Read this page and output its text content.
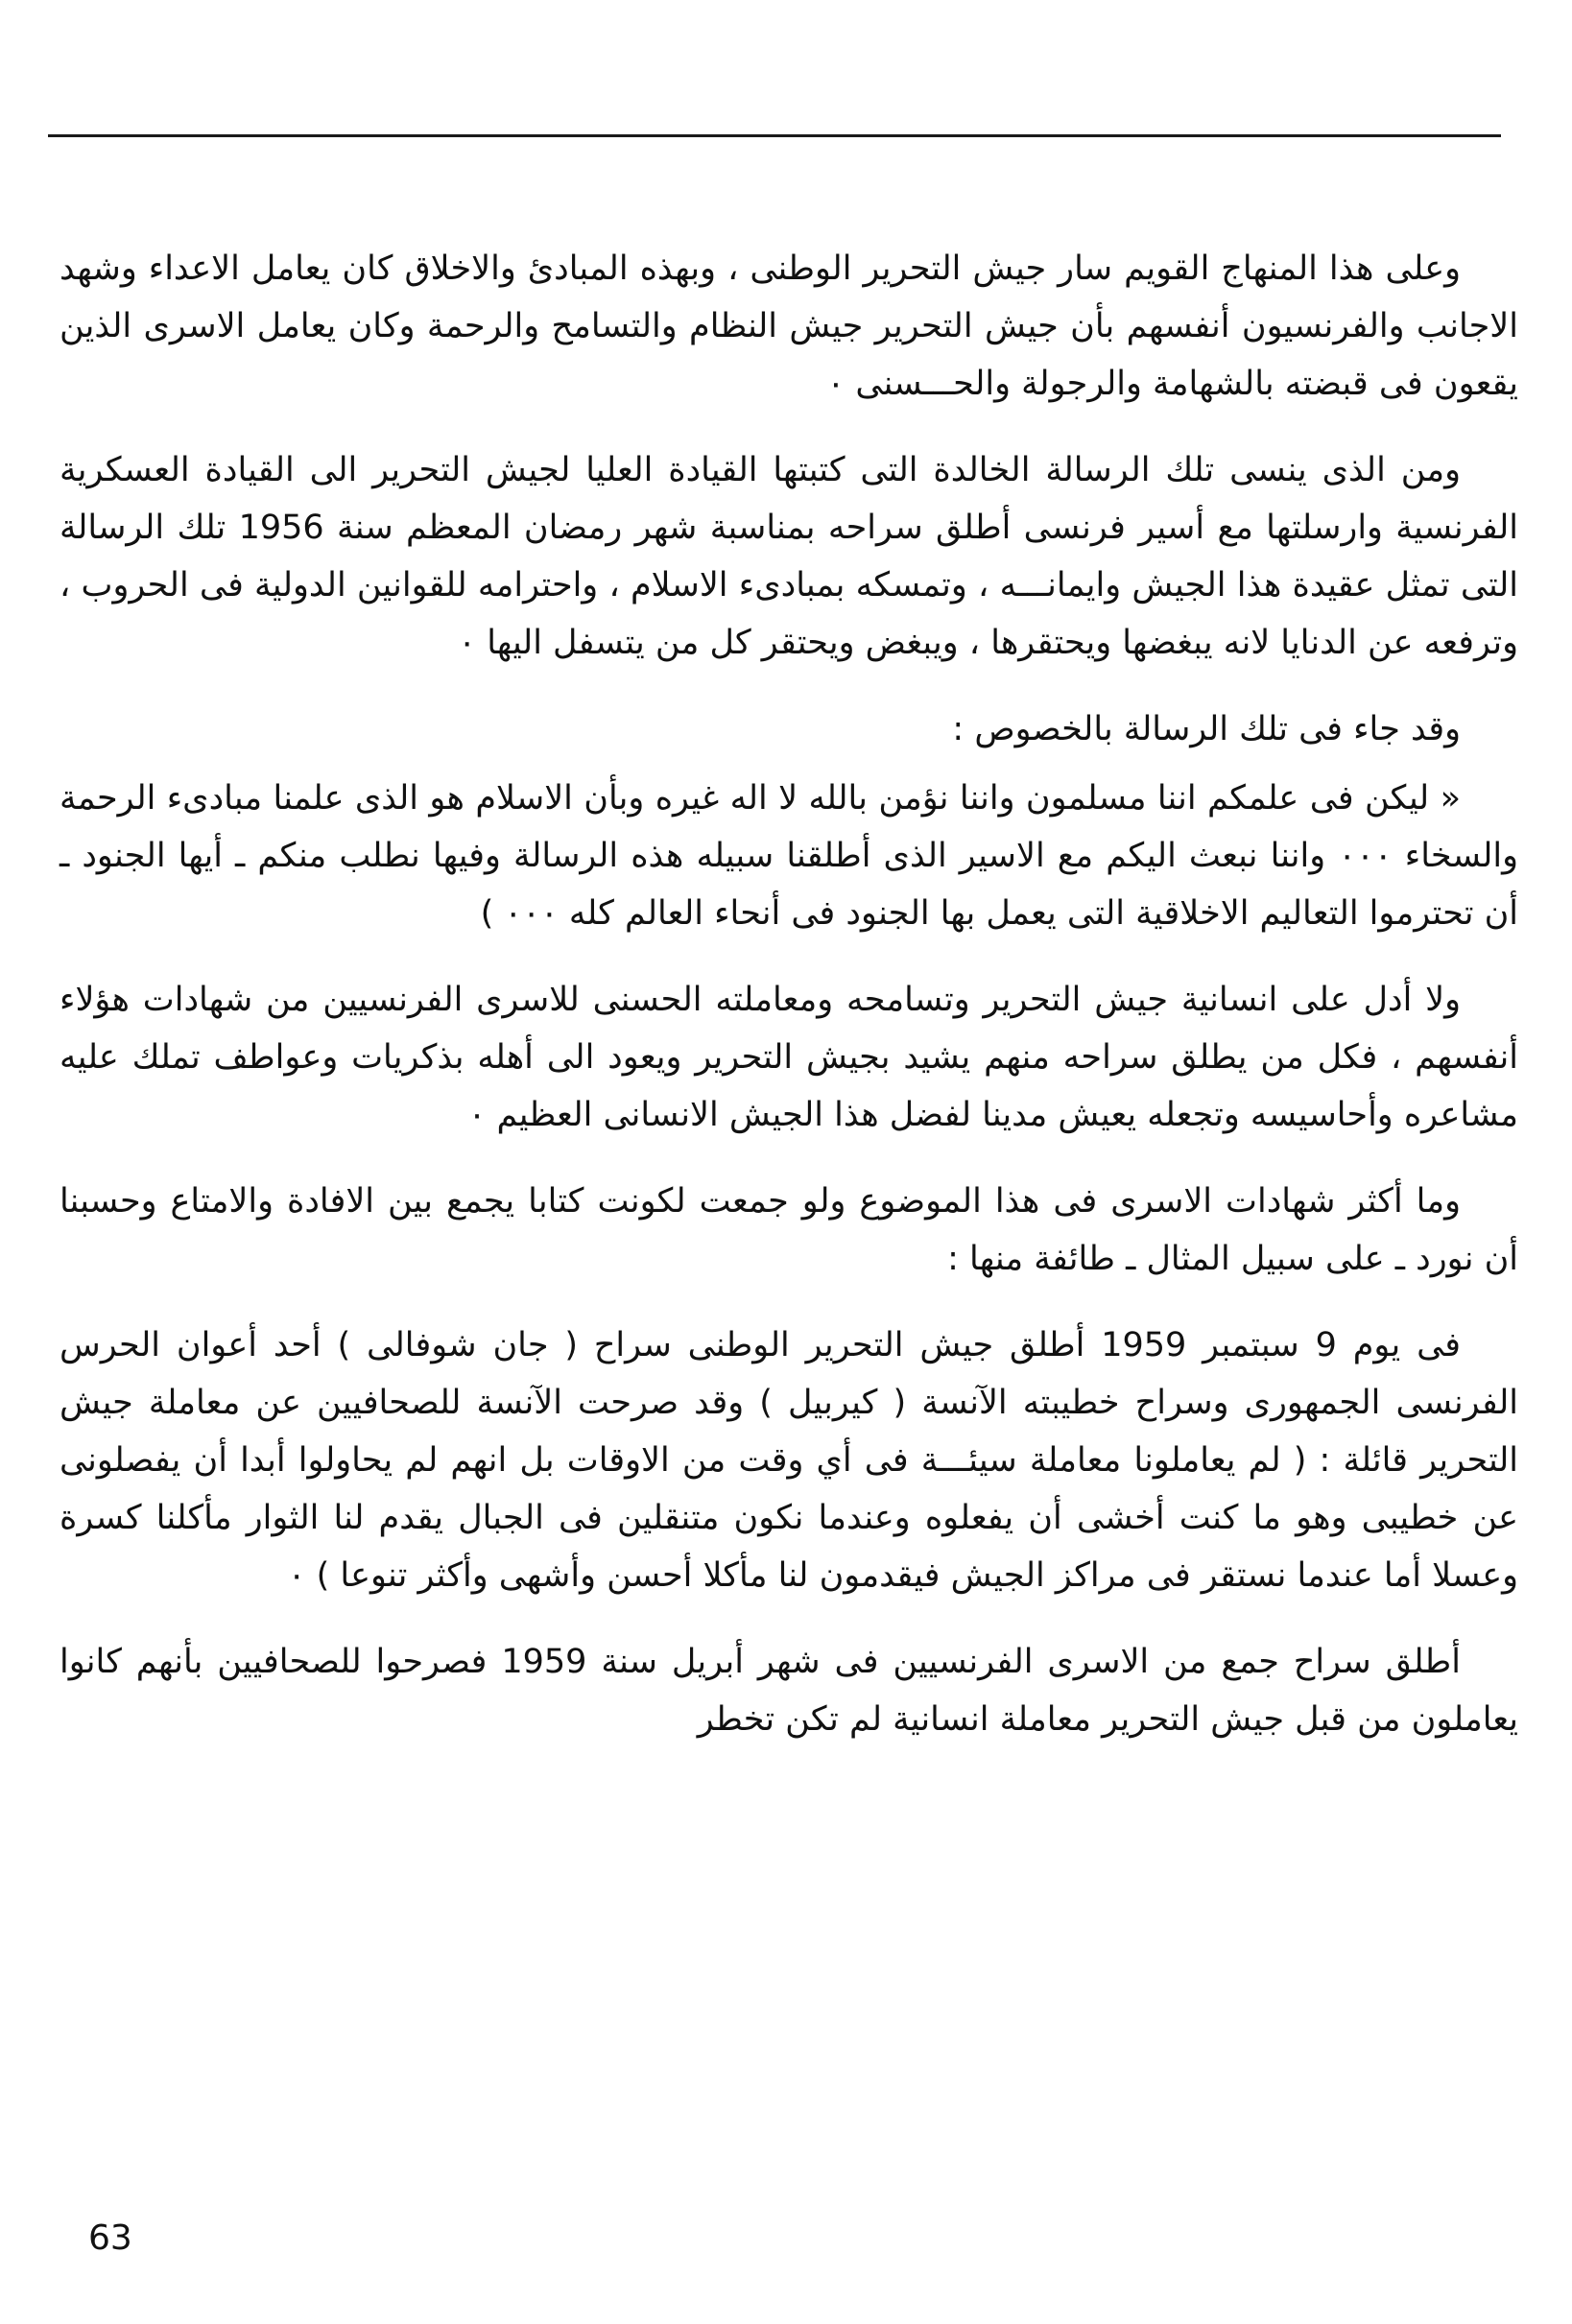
وعلى هذا المنهاج القويم سار جيش التحرير الوطنى ، وبهذه المبادئ والاخلاق كان يعامل الاعداء وشهد الاجانب والفرنسيون أنفسهم بأن جيش التحرير جيش النظام والتسامح والرحمة وكان يعامل الاسرى الذين يقعون فى قبضته بالشهامة والرجولة والحـــسنى ٠

ومن الذى ينسى تلك الرسالة الخالدة التى كتبتها القيادة العليا لجيش التحرير الى القيادة العسكرية الفرنسية وارسلتها مع أسير فرنسى أطلق سراحه بمناسبة شهر رمضان المعظم سنة 1956 تلك الرسالة التى تمثل عقيدة هذا الجيش وايمانـــه ، وتمسكه بمبادىء الاسلام ، واحترامه للقوانين الدولية فى الحروب ، وترفعه عن الدنايا لانه يبغضها ويحتقرها ، ويبغض ويحتقر كل من يتسفل اليها ٠

وقد جاء فى تلك الرسالة بالخصوص :

« ليكن فى علمكم اننا مسلمون واننا نؤمن بالله لا اله غيره وبأن الاسلام هو الذى علمنا مبادىء الرحمة والسخاء ٠٠٠ واننا نبعث اليكم مع الاسير الذى أطلقنا سبيله هذه الرسالة وفيها نطلب منكم ـ أيها الجنود ـ أن تحترموا التعاليم الاخلاقية التى يعمل بها الجنود فى أنحاء العالم كله ٠٠٠ )

ولا أدل على انسانية جيش التحرير وتسامحه ومعاملته الحسنى للاسرى الفرنسيين من شهادات هؤلاء أنفسهم ، فكل من يطلق سراحه منهم يشيد بجيش التحرير ويعود الى أهله بذكريات وعواطف تملك عليه مشاعره وأحاسيسه وتجعله يعيش مدينا لفضل هذا الجيش الانسانى العظيم ٠

وما أكثر شهادات الاسرى فى هذا الموضوع ولو جمعت لكونت كتابا يجمع بين الافادة والامتاع وحسبنا أن نورد ـ على سبيل المثال ـ طائفة منها :

فى يوم 9 سبتمبر 1959 أطلق جيش التحرير الوطنى سراح ( جان شوفالى ) أحد أعوان الحرس الفرنسى الجمهورى وسراح خطيبته الآنسة ( كيربيل ) وقد صرحت الآنسة للصحافيين عن معاملة جيش التحرير قائلة : ( لم يعاملونا معاملة سيئـــة فى أي وقت من الاوقات بل انهم لم يحاولوا أبدا أن يفصلونى عن خطيبى وهو ما كنت أخشى أن يفعلوه وعندما نكون متنقلين فى الجبال يقدم لنا الثوار مأكلنا كسرة وعسلا أما عندما نستقر فى مراكز الجيش فيقدمون لنا مأكلا أحسن وأشهى وأكثر تنوعا ) ٠

أطلق سراح جمع من الاسرى الفرنسيين فى شهر أبريل سنة 1959 فصرحوا للصحافيين بأنهم كانوا يعاملون من قبل جيش التحرير معاملة انسانية لم تكن تخطر

63
